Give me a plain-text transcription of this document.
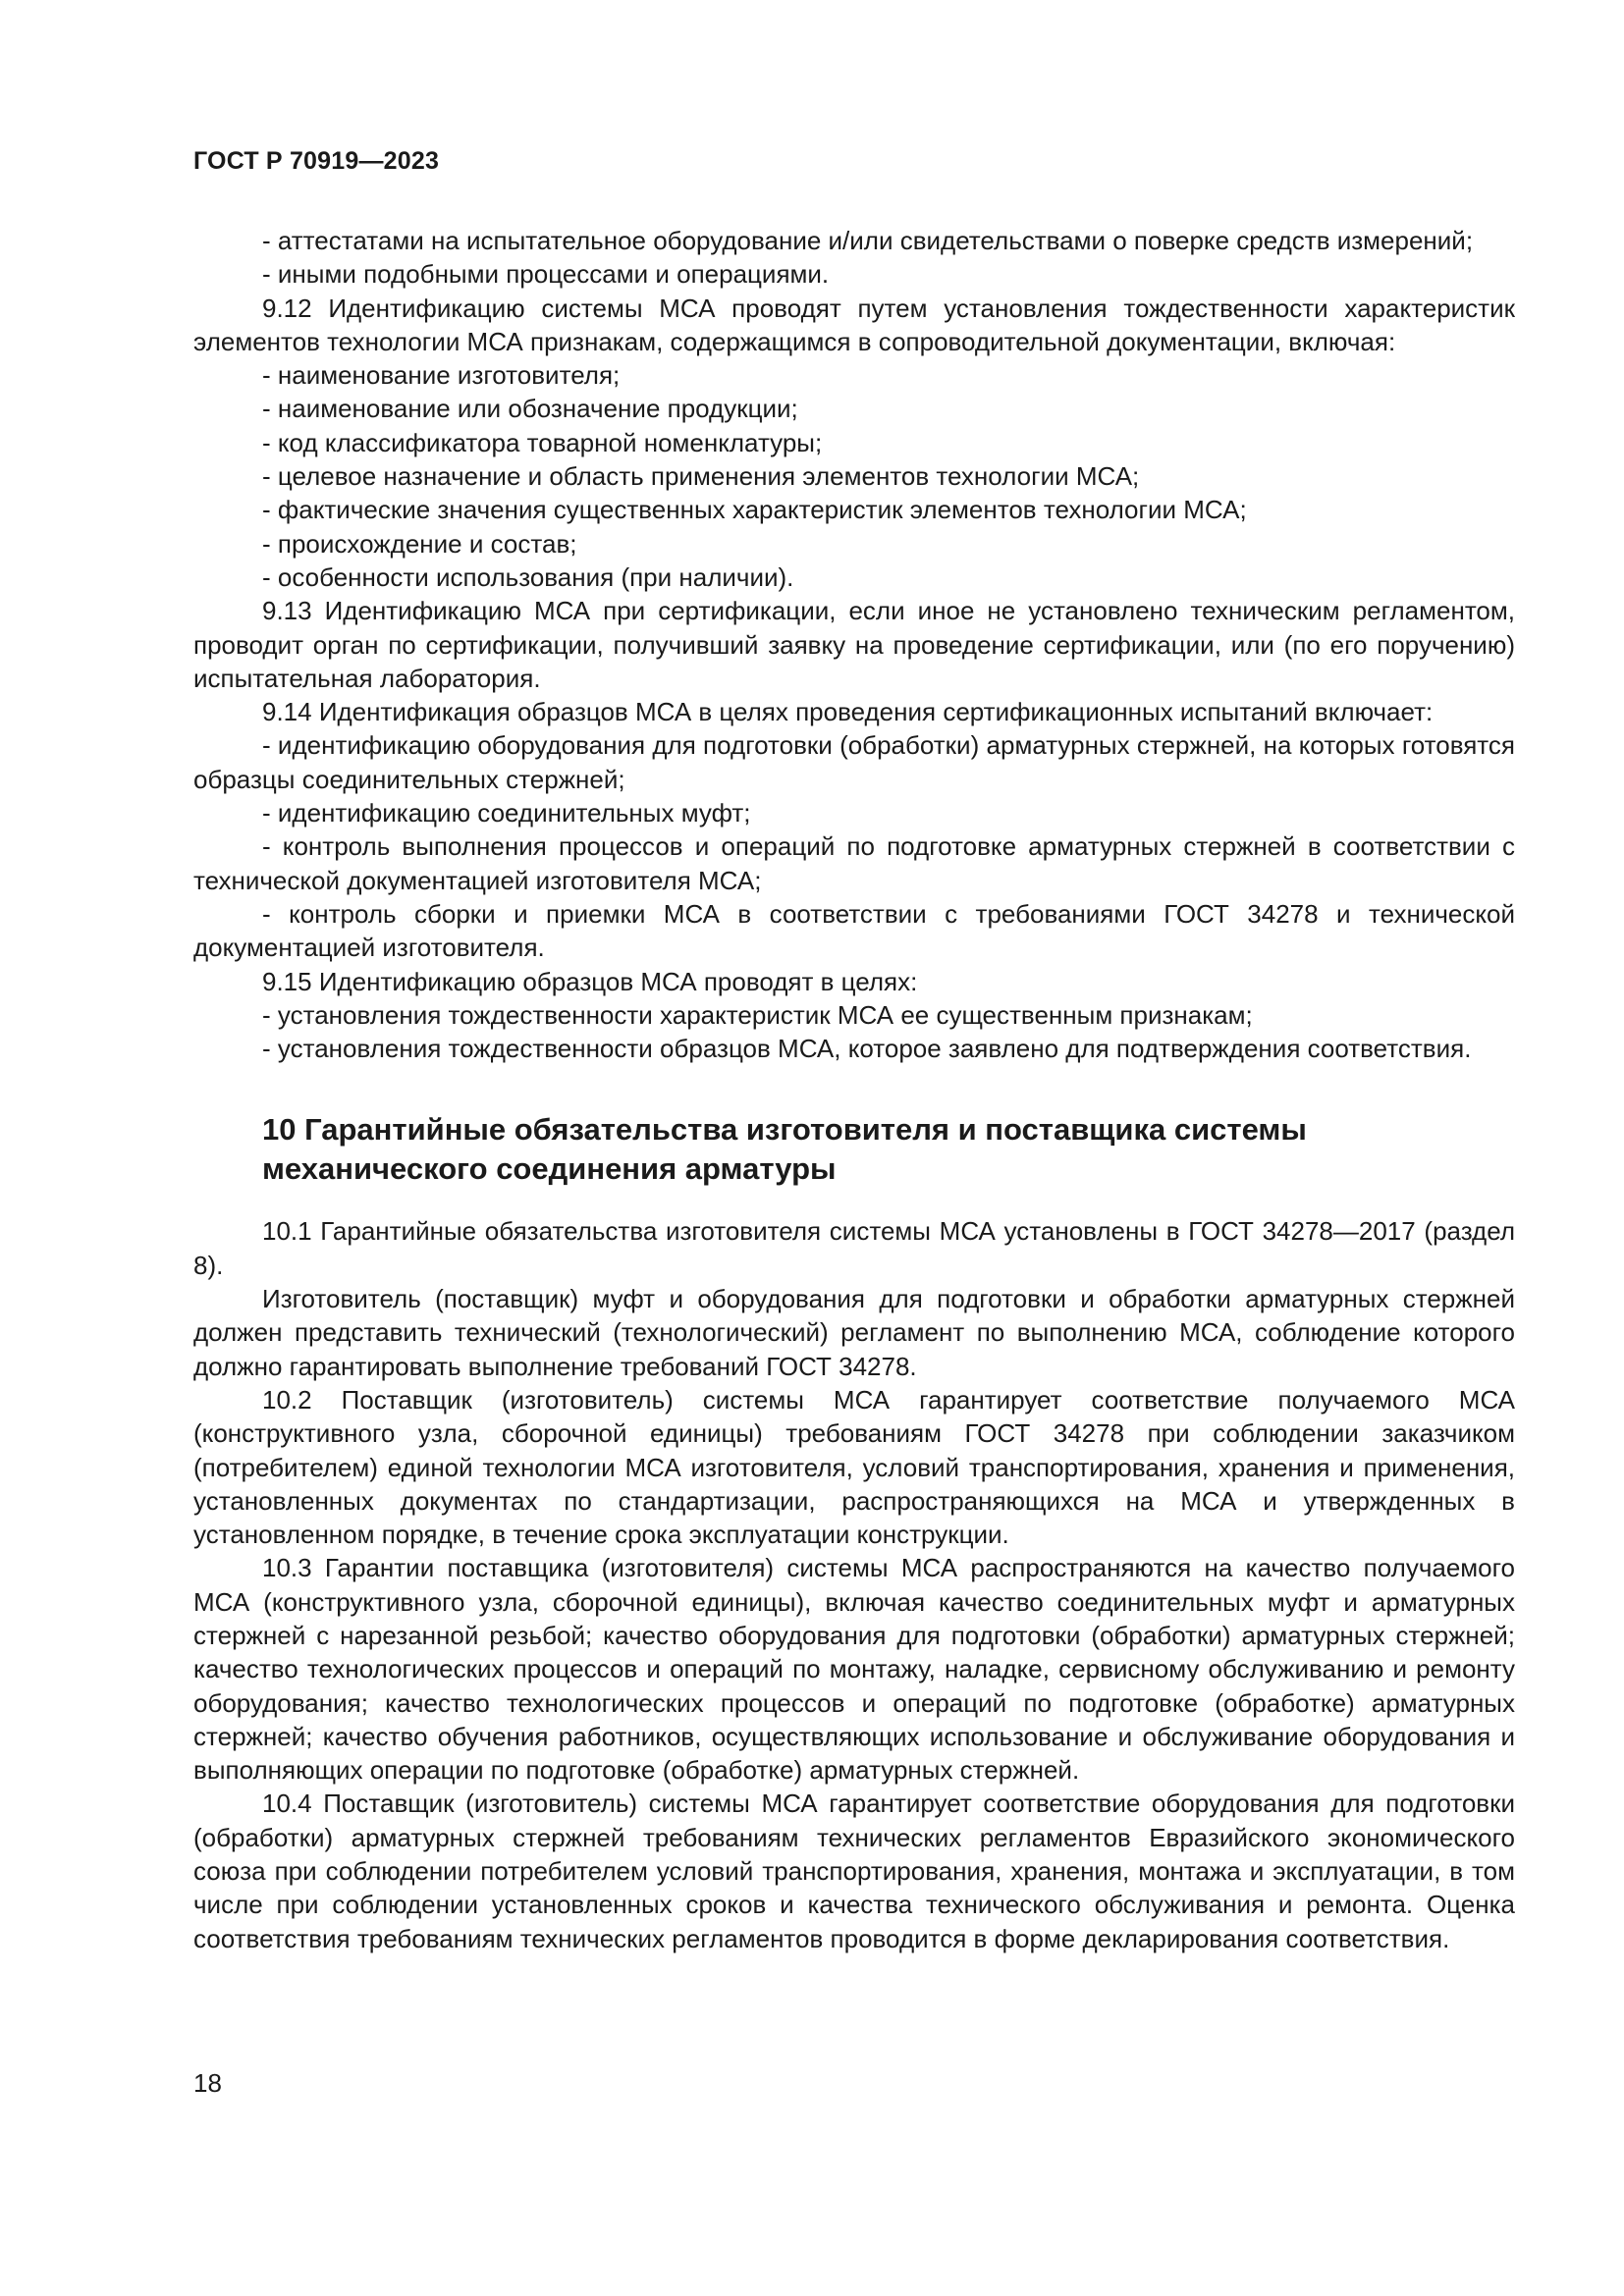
ГОСТ Р 70919—2023

- аттестатами на испытательное оборудование и/или свидетельствами о поверке средств измерений;

- иными подобными процессами и операциями.

9.12 Идентификацию системы МСА проводят путем установления тождественности характеристик элементов технологии МСА признакам, содержащимся в сопроводительной документации, включая:

- наименование изготовителя;

- наименование или обозначение продукции;

- код классификатора товарной номенклатуры;

- целевое назначение и область применения элементов технологии МСА;

- фактические значения существенных характеристик элементов технологии МСА;

- происхождение и состав;

- особенности использования (при наличии).

9.13 Идентификацию МСА при сертификации, если иное не установлено техническим регламентом, проводит орган по сертификации, получивший заявку на проведение сертификации, или (по его поручению) испытательная лаборатория.

9.14 Идентификация образцов МСА в целях проведения сертификационных испытаний включает:

- идентификацию оборудования для подготовки (обработки) арматурных стержней, на которых готовятся образцы соединительных стержней;

- идентификацию соединительных муфт;

- контроль выполнения процессов и операций по подготовке арматурных стержней в соответствии с технической документацией изготовителя МСА;

- контроль сборки и приемки МСА в соответствии с требованиями ГОСТ 34278 и технической документацией изготовителя.

9.15 Идентификацию образцов МСА проводят в целях:

- установления тождественности характеристик МСА ее существенным признакам;

- установления тождественности образцов МСА, которое заявлено для подтверждения соответствия.

10 Гарантийные обязательства изготовителя и поставщика системы механического соединения арматуры

10.1 Гарантийные обязательства изготовителя системы МСА установлены в ГОСТ 34278—2017 (раздел 8).

Изготовитель (поставщик) муфт и оборудования для подготовки и обработки арматурных стержней должен представить технический (технологический) регламент по выполнению МСА, соблюдение которого должно гарантировать выполнение требований ГОСТ 34278.

10.2 Поставщик (изготовитель) системы МСА гарантирует соответствие получаемого МСА (конструктивного узла, сборочной единицы) требованиям ГОСТ 34278 при соблюдении заказчиком (потребителем) единой технологии МСА изготовителя, условий транспортирования, хранения и применения, установленных документах по стандартизации, распространяющихся на МСА и утвержденных в установленном порядке, в течение срока эксплуатации конструкции.

10.3 Гарантии поставщика (изготовителя) системы МСА распространяются на качество получаемого МСА (конструктивного узла, сборочной единицы), включая качество соединительных муфт и арматурных стержней с нарезанной резьбой; качество оборудования для подготовки (обработки) арматурных стержней; качество технологических процессов и операций по монтажу, наладке, сервисному обслуживанию и ремонту оборудования; качество технологических процессов и операций по подготовке (обработке) арматурных стержней; качество обучения работников, осуществляющих использование и обслуживание оборудования и выполняющих операции по подготовке (обработке) арматурных стержней.

10.4 Поставщик (изготовитель) системы МСА гарантирует соответствие оборудования для подготовки (обработки) арматурных стержней требованиям технических регламентов Евразийского экономического союза при соблюдении потребителем условий транспортирования, хранения, монтажа и эксплуатации, в том числе при соблюдении установленных сроков и качества технического обслуживания и ремонта. Оценка соответствия требованиям технических регламентов проводится в форме декларирования соответствия.

18
